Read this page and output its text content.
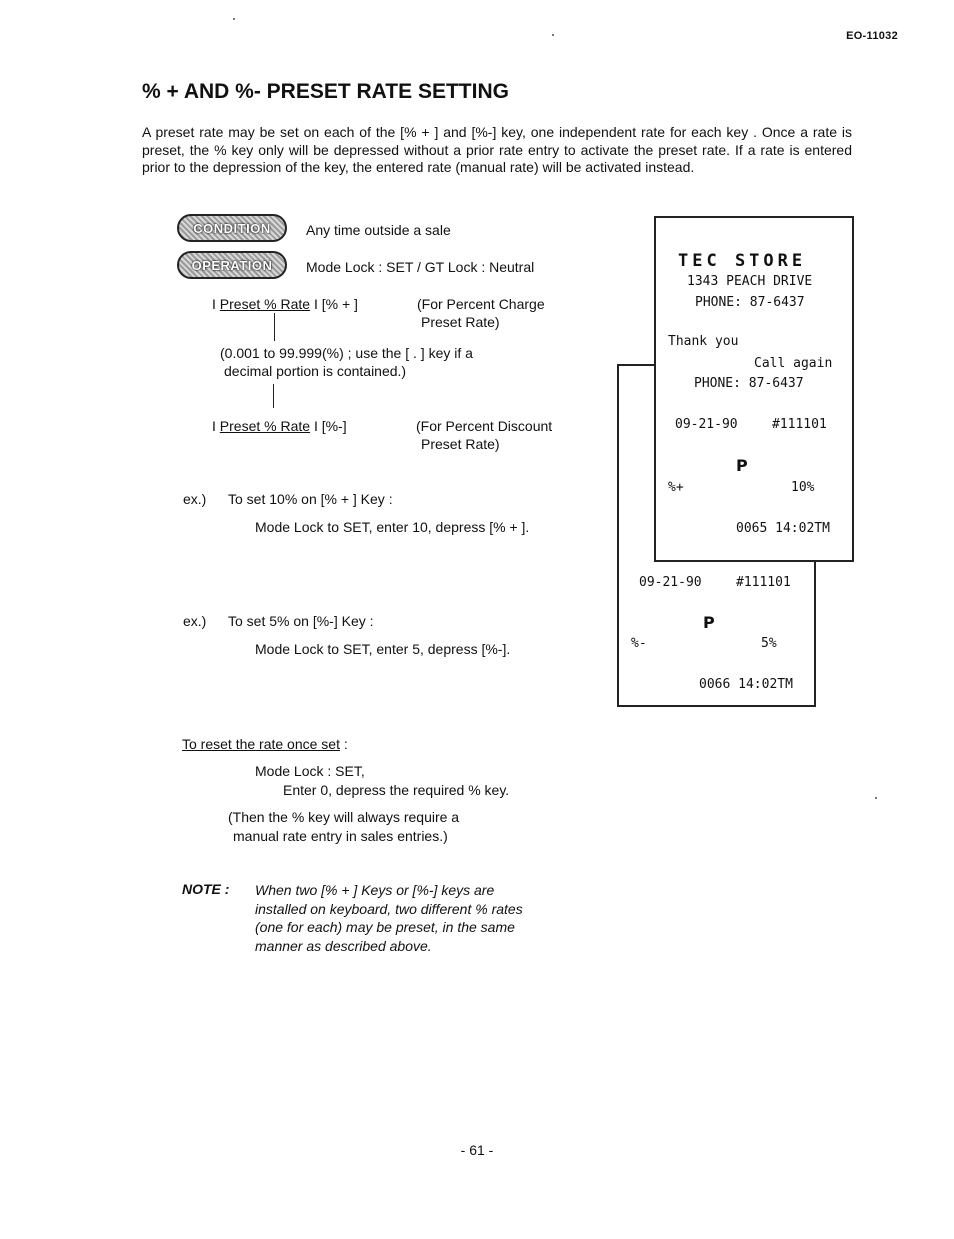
EO-11032
% + AND %- PRESET RATE SETTING

A preset rate may be set on each of the [% + ] and [%-] key, one independent rate for each key . Once a rate is preset, the % key only will be depressed without a prior rate entry to activate the preset rate. If a rate is entered prior to the depression of the key, the entered rate (manual rate) will be activated instead.

CONDITION	Any time outside a sale
OPERATION Mode Lock : SET / GT Lock : Neutral
I Preset % Rate I [% + ]	(For Percent Charge
Preset Rate)
(0.001 to 99.999(%) ; use the [ . ] key if a
decimal portion is contained.)
I Preset % Rate I [%-]	(For Percent Discount
Preset Rate)
ex.) To set 10% on [% + ] Key :
Mode Lock to SET, enter 10, depress [% + ].
ex.) To set 5% on [%-] Key :
Mode Lock to SET, enter 5, depress [%-].
09-21-90	#111101
P
%-	5%
0066 14:02TM
TEC STORE
1343 PEACH DRIVE
PHONE: 87-6437
Thank you
Call again
PHONE: 87-6437
09-21-90	#111101
P
%+	10%
0065 14:02TM
To reset the rate once set :
Mode Lock : SET,
Enter 0, depress the required % key.
(Then the % key will always require a
manual rate entry in sales entries.)
NOTE : When two [% + ] Keys or [%-] keys are
installed on keyboard, two different % rates
(one for each) may be preset, in the same
manner as described above.
- 61 -
